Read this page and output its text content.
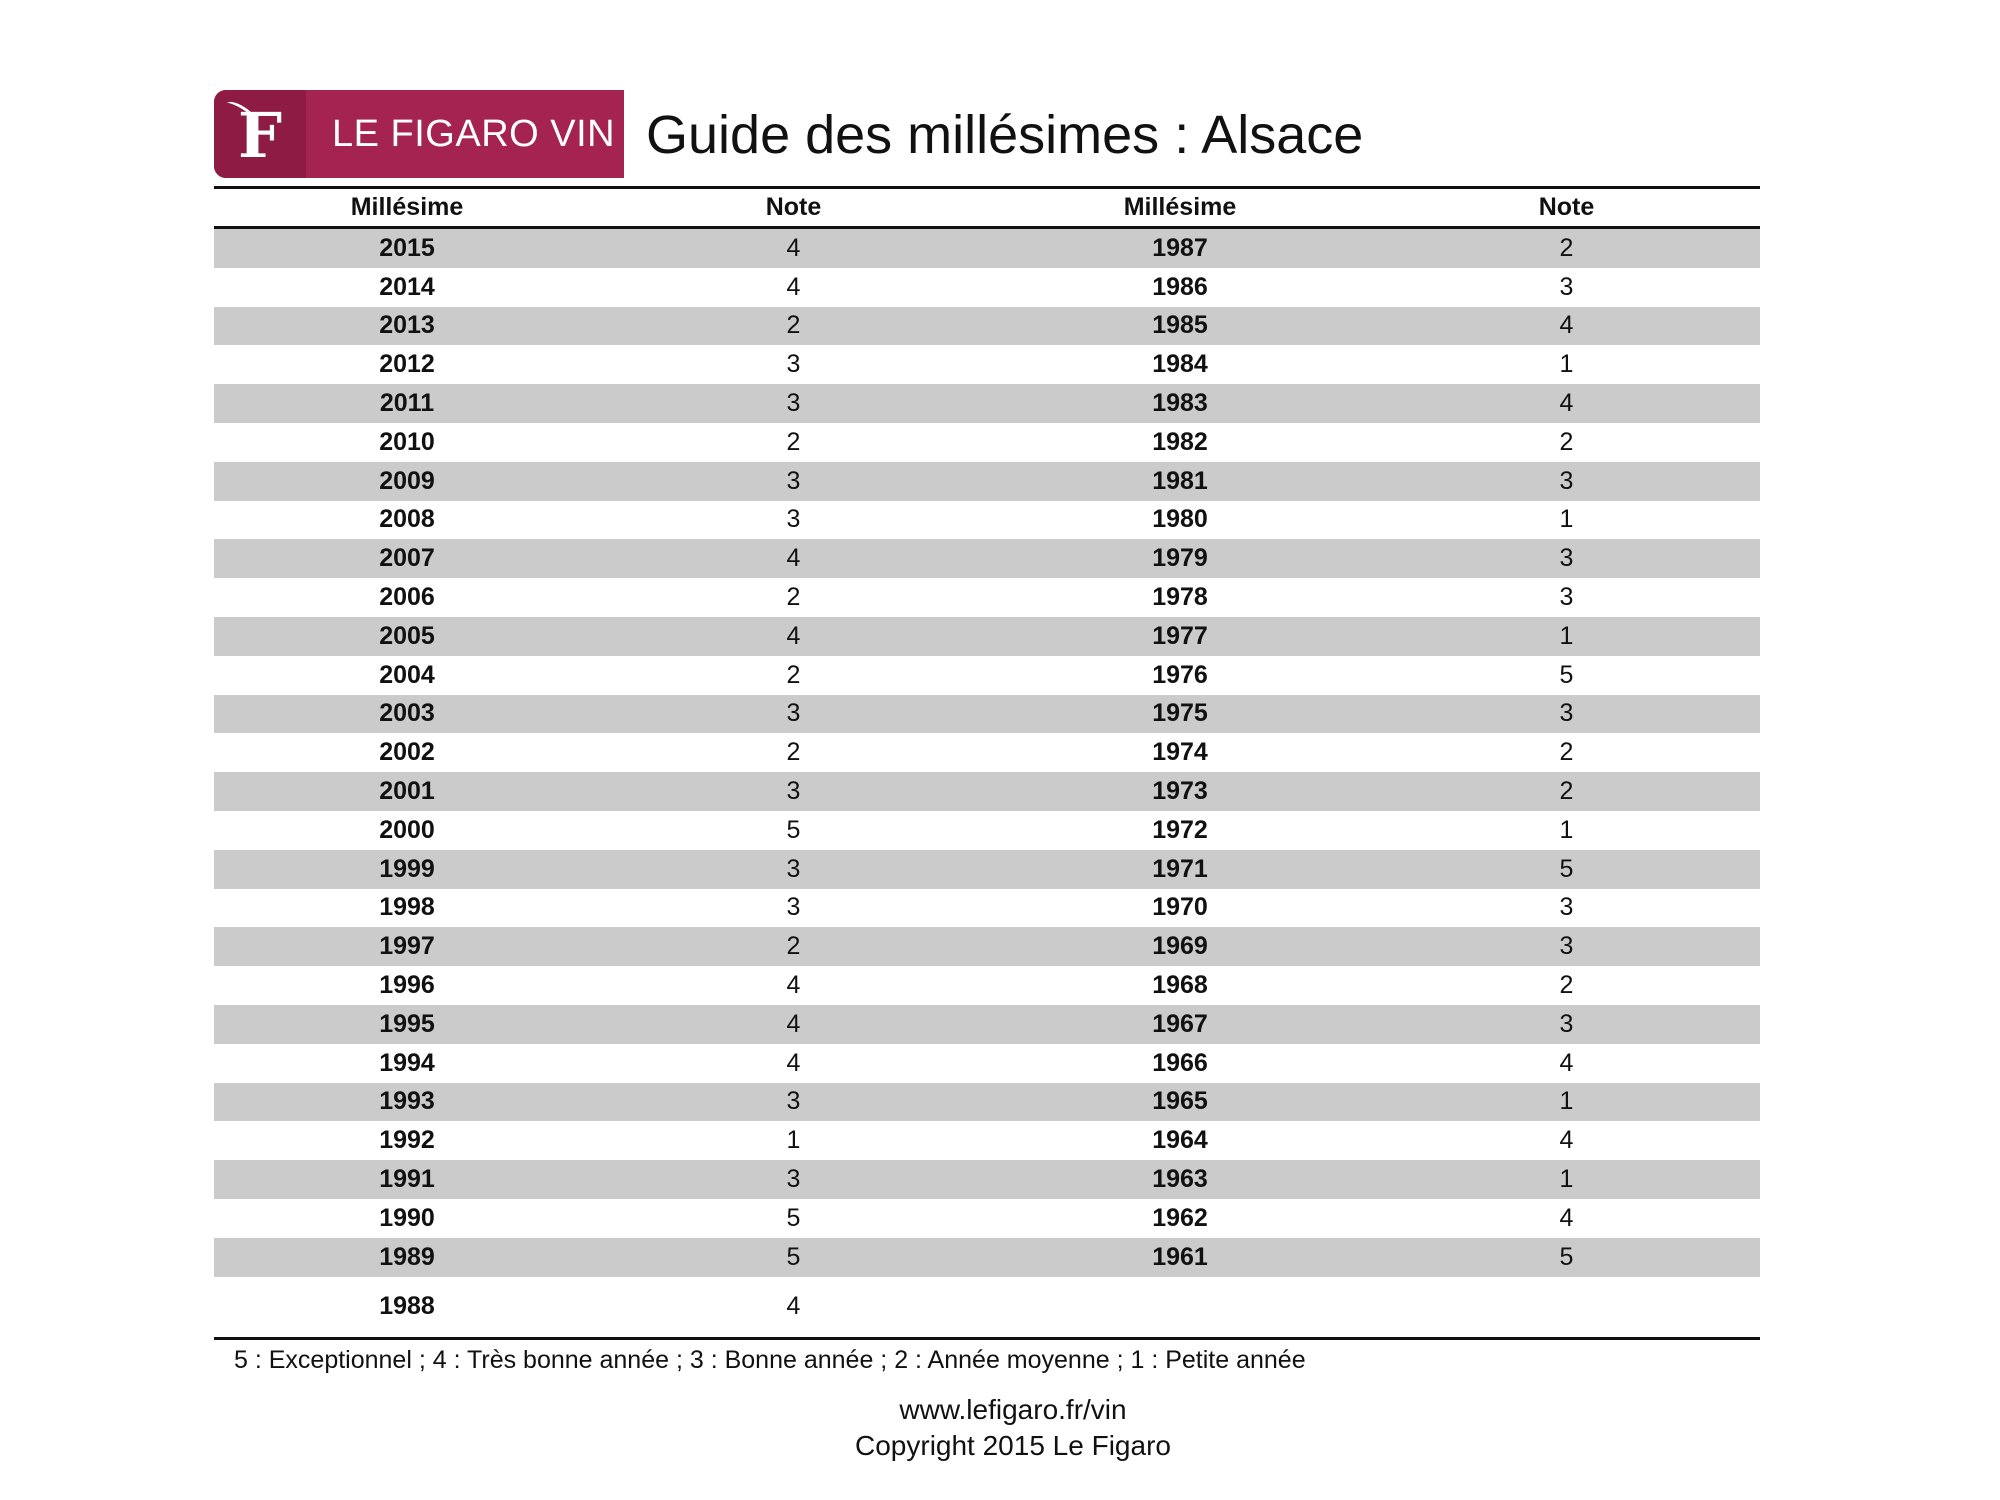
F LE FIGARO VIN Guide des millésimes : Alsace
Millésime	Note	Millésime	Note
2015	4	1987	2
2014	4	1986	3
2013	2	1985	4
2012	3	1984	1
2011	3	1983	4
2010	2	1982	2
2009	3	1981	3
2008	3	1980	1
2007	4	1979	3
2006	2	1978	3
2005	4	1977	1
2004	2	1976	5
2003	3	1975	3
2002	2	1974	2
2001	3	1973	2
2000	5	1972	1
1999	3	1971	5
1998	3	1970	3
1997	2	1969	3
1996	4	1968	2
1995	4	1967	3
1994	4	1966	4
1993	3	1965	1
1992	1	1964	4
1991	3	1963	1
1990	5	1962	4
1989	5	1961	5
1988	4
5 : Exceptionnel ; 4 : Très bonne année ; 3 : Bonne année ; 2 : Année moyenne ; 1 : Petite année
www.lefigaro.fr/vin
Copyright 2015 Le Figaro
